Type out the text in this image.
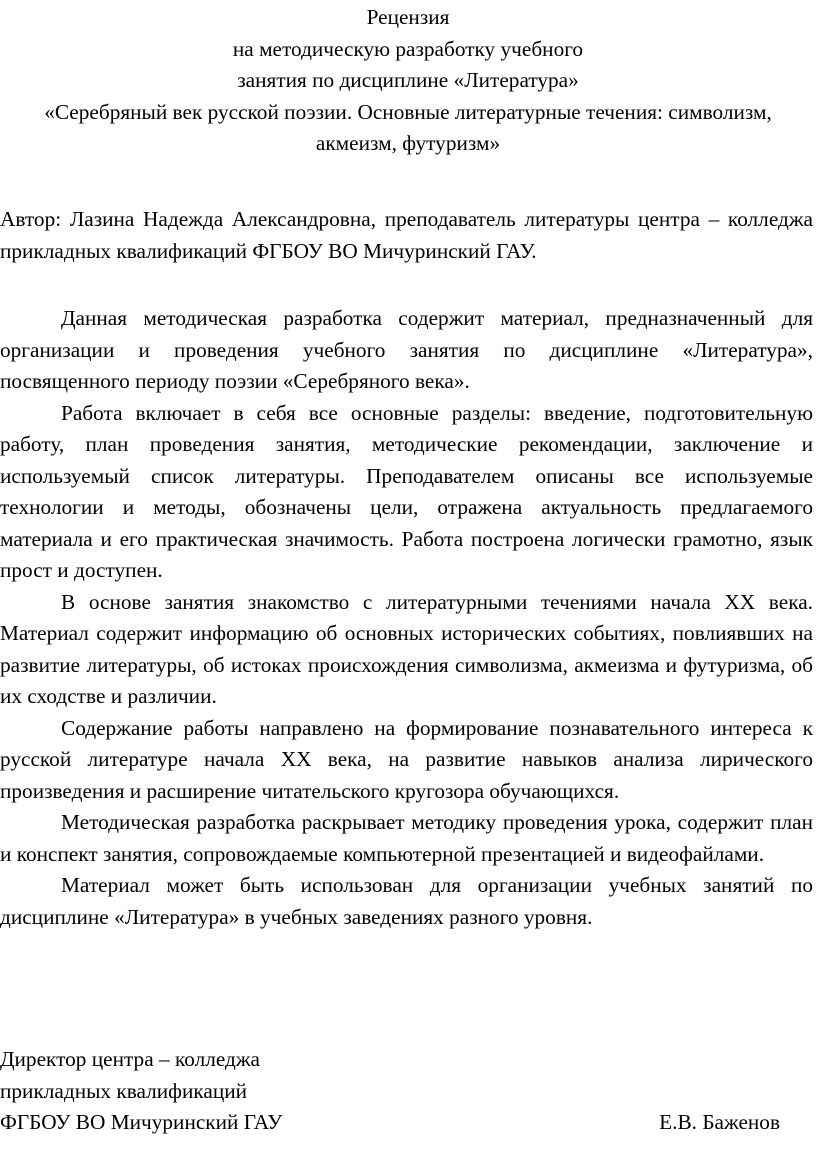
Рецензия
на методическую разработку учебного
занятия по дисциплине «Литература»
«Серебряный век русской поэзии. Основные литературные течения: символизм,
акмеизм, футуризм»
Автор: Лазина Надежда Александровна, преподаватель литературы центра – колледжа прикладных квалификаций ФГБОУ ВО Мичуринский ГАУ.

Данная методическая разработка содержит материал, предназначенный для организации и проведения учебного занятия по дисциплине «Литература», посвященного периоду поэзии «Серебряного века».

Работа включает в себя все основные разделы: введение, подготовительную работу, план проведения занятия, методические рекомендации, заключение и используемый список литературы. Преподавателем описаны все используемые технологии и методы, обозначены цели, отражена актуальность предлагаемого материала и его практическая значимость. Работа построена логически грамотно, язык прост и доступен.

В основе занятия знакомство с литературными течениями начала ХХ века. Материал содержит информацию об основных исторических событиях, повлиявших на развитие литературы, об истоках происхождения символизма, акмеизма и футуризма, об их сходстве и различии.

Содержание работы направлено на формирование познавательного интереса к русской литературе начала ХХ века, на развитие навыков анализа лирического произведения и расширение читательского кругозора обучающихся.

Методическая разработка раскрывает методику проведения урока, содержит план и конспект занятия, сопровождаемые компьютерной презентацией и видеофайлами.

Материал может быть использован для организации учебных занятий по дисциплине «Литература» в учебных заведениях разного уровня.

Директор центра – колледжа
прикладных квалификаций
ФГБОУ ВО Мичуринский ГАУ	Е.В. Баженов
